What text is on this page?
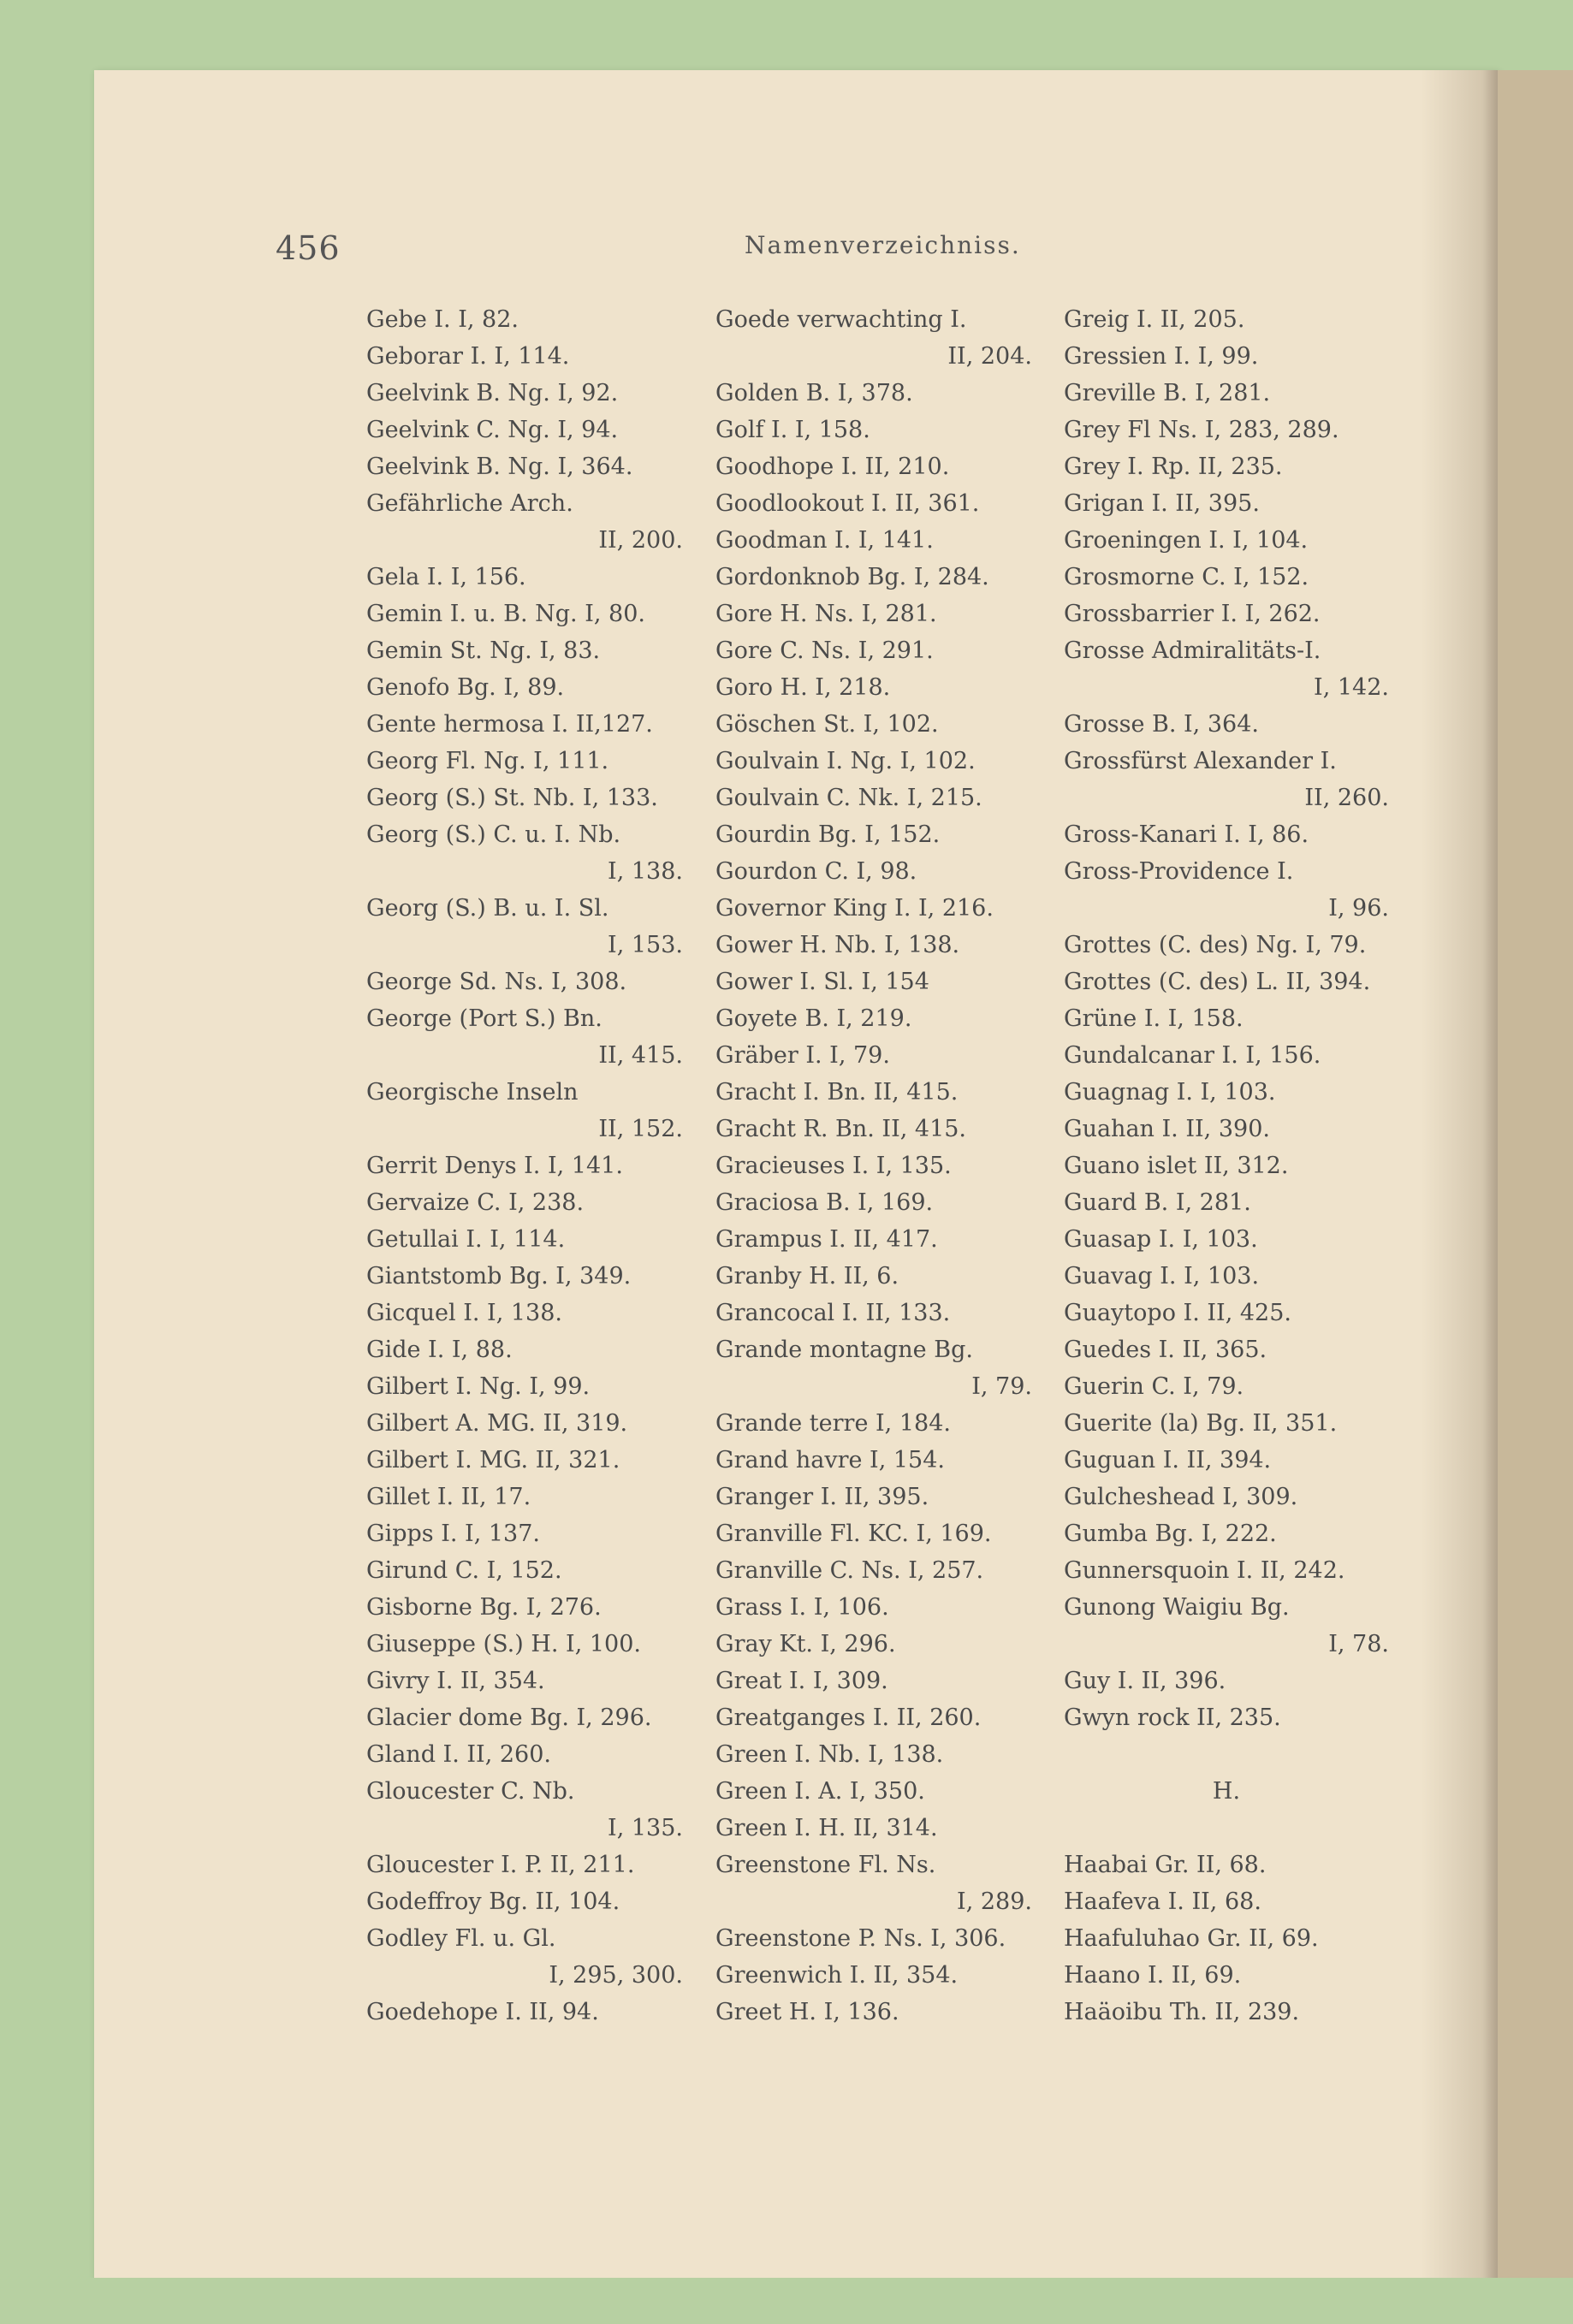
456	Namenverzeichniss.
Gebe I. I, 82.
Geborar I. I, 114.
Geelvink B. Ng. I, 92.
Geelvink C. Ng. I, 94.
Geelvink B. Ng. I, 364.
Gefährliche Arch.
II, 200.
Gela I. I, 156.
Gemin I. u. B. Ng. I, 80.
Gemin St. Ng. I, 83.
Genofo Bg. I, 89.
Gente hermosa I. II,127.
Georg Fl. Ng. I, 111.
Georg (S.) St. Nb. I, 133.
Georg (S.) C. u. I. Nb.
I, 138.
Georg (S.) B. u. I. Sl.
I, 153.
George Sd. Ns. I, 308.
George (Port S.) Bn.
II, 415.
Georgische Inseln
II, 152.
Gerrit Denys I. I, 141.
Gervaize C. I, 238.
Getullai I. I, 114.
Giantstomb Bg. I, 349.
Gicquel I. I, 138.
Gide I. I, 88.
Gilbert I. Ng. I, 99.
Gilbert A. MG. II, 319.
Gilbert I. MG. II, 321.
Gillet I. II, 17.
Gipps I. I, 137.
Girund C. I, 152.
Gisborne Bg. I, 276.
Giuseppe (S.) H. I, 100.
Givry I. II, 354.
Glacier dome Bg. I, 296.
Gland I. II, 260.
Gloucester C. Nb.
I, 135.
Gloucester I. P. II, 211.
Godeffroy Bg. II, 104.
Godley Fl. u. Gl.
I, 295, 300.
Goedehope I. II, 94.
Goede verwachting I.
II, 204.
Golden B. I, 378.
Golf I. I, 158.
Goodhope I. II, 210.
Goodlookout I. II, 361.
Goodman I. I, 141.
Gordonknob Bg. I, 284.
Gore H. Ns. I, 281.
Gore C. Ns. I, 291.
Goro H. I, 218.
Göschen St. I, 102.
Goulvain I. Ng. I, 102.
Goulvain C. Nk. I, 215.
Gourdin Bg. I, 152.
Gourdon C. I, 98.
Governor King I. I, 216.
Gower H. Nb. I, 138.
Gower I. Sl. I, 154
Goyete B. I, 219.
Gräber I. I, 79.
Gracht I. Bn. II, 415.
Gracht R. Bn. II, 415.
Gracieuses I. I, 135.
Graciosa B. I, 169.
Grampus I. II, 417.
Granby H. II, 6.
Grancocal I. II, 133.
Grande montagne Bg.
I, 79.
Grande terre I, 184.
Grand havre I, 154.
Granger I. II, 395.
Granville Fl. KC. I, 169.
Granville C. Ns. I, 257.
Grass I. I, 106.
Gray Kt. I, 296.
Great I. I, 309.
Greatganges I. II, 260.
Green I. Nb. I, 138.
Green I. A. I, 350.
Green I. H. II, 314.
Greenstone Fl. Ns.
I, 289.
Greenstone P. Ns. I, 306.
Greenwich I. II, 354.
Greet H. I, 136.
Greig I. II, 205.
Gressien I. I, 99.
Greville B. I, 281.
Grey Fl Ns. I, 283, 289.
Grey I. Rp. II, 235.
Grigan I. II, 395.
Groeningen I. I, 104.
Grosmorne C. I, 152.
Grossbarrier I. I, 262.
Grosse Admiralitäts-I.
I, 142.
Grosse B. I, 364.
Grossfürst Alexander I.
II, 260.
Gross-Kanari I. I, 86.
Gross-Providence I.
I, 96.
Grottes (C. des) Ng. I, 79.
Grottes (C. des) L. II, 394.
Grüne I. I, 158.
Gundalcanar I. I, 156.
Guagnag I. I, 103.
Guahan I. II, 390.
Guano islet II, 312.
Guard B. I, 281.
Guasap I. I, 103.
Guavag I. I, 103.
Guaytopo I. II, 425.
Guedes I. II, 365.
Guerin C. I, 79.
Guerite (la) Bg. II, 351.
Guguan I. II, 394.
Gulcheshead I, 309.
Gumba Bg. I, 222.
Gunnersquoin I. II, 242.
Gunong Waigiu Bg.
I, 78.
Guy I. II, 396.
Gwyn rock II, 235.
H.
Haabai Gr. II, 68.
Haafeva I. II, 68.
Haafuluhao Gr. II, 69.
Haano I. II, 69.
Haäoibu Th. II, 239.
